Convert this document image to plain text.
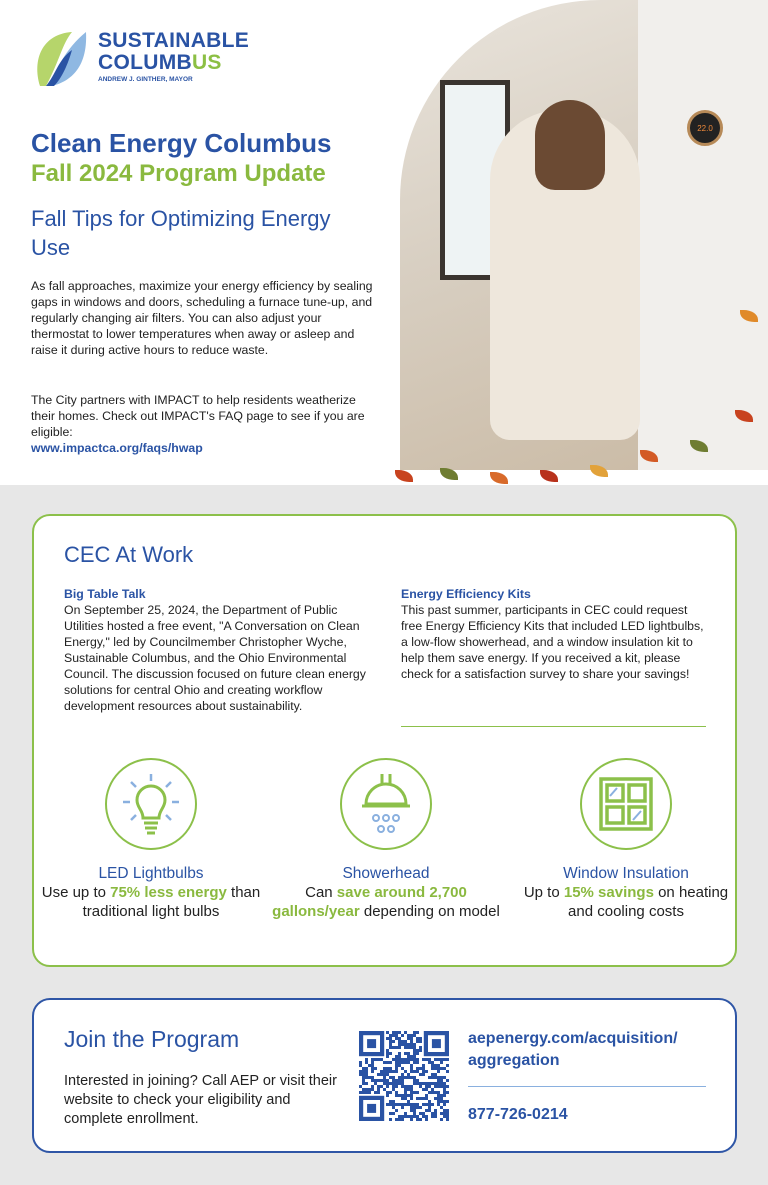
SUSTAINABLE
COLUMBUS
ANDREW J. GINTHER, MAYOR
Clean Energy Columbus
Fall 2024 Program Update
Fall Tips for Optimizing Energy Use
As fall approaches, maximize your energy efficiency by sealing gaps in windows and doors, scheduling a furnace tune-up, and regularly changing air filters. You can also adjust your thermostat to lower temperatures when away or asleep and raise it during active hours to reduce waste.
The City partners with IMPACT to help residents weatherize their homes. Check out IMPACT's FAQ page to see if you are eligible:
www.impactca.org/faqs/hwap
22.0
CEC At Work
Big Table Talk
On September 25, 2024, the Department of Public Utilities hosted a free event, "A Conversation on Clean Energy," led by Councilmember Christopher Wyche, Sustainable Columbus, and the Ohio Environmental Council. The discussion focused on future clean energy solutions for central Ohio and creating workflow development resources about sustainability.
Energy Efficiency Kits
This past summer, participants in CEC could request free Energy Efficiency Kits that included LED lightbulbs, a low-flow showerhead, and a window insulation kit to help them save energy. If you received a kit, please check for a satisfaction survey to share your savings!
LED Lightbulbs
Use up to 75% less energy than traditional light bulbs
Showerhead
Can save around 2,700 gallons/year depending on model
Window Insulation
Up to 15% savings on heating and cooling costs
Join the Program
Interested in joining? Call AEP or visit their website to check your eligibility and complete enrollment.
aepenergy.com/acquisition/
aggregation
877-726-0214
